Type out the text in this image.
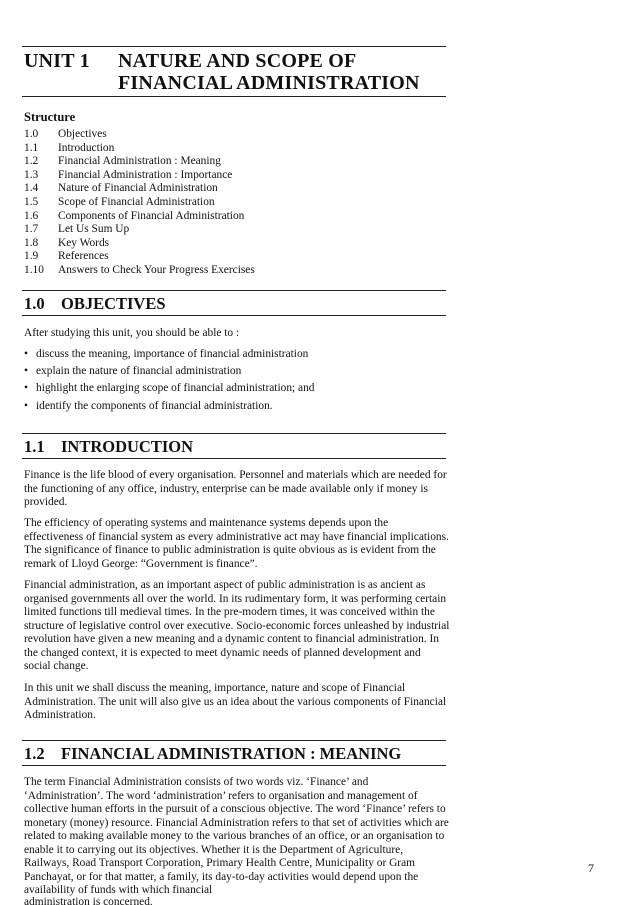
UNIT 1 NATURE AND SCOPE OF
FINANCIAL ADMINISTRATION
Structure
1.0	Objectives
1.1	Introduction
1.2	Financial Administration : Meaning
1.3	Financial Administration : Importance
1.4	Nature of Financial Administration
1.5	Scope of Financial Administration
1.6	Components of Financial Administration
1.7	Let Us Sum Up
1.8	Key Words
1.9	References
1.10	Answers to Check Your Progress Exercises
1.0 OBJECTIVES

After studying this unit, you should be able to :

• discuss the meaning, importance of financial administration
• explain the nature of financial administration
• highlight the enlarging scope of financial administration; and
• identify the components of financial administration.
1.1 INTRODUCTION

Finance is the life blood of every organisation. Personnel and materials which are needed for the functioning of any office, industry, enterprise can be made available only if money is provided.

The efficiency of operating systems and maintenance systems depends upon the effectiveness of financial system as every administrative act may have financial implications. The significance of finance to public administration is quite obvious as is evident from the remark of Lloyd George: “Government is finance”.

Financial administration, as an important aspect of public administration is as ancient as organised governments all over the world. In its rudimentary form, it was performing certain limited functions till medieval times. In the pre-modern times, it was conceived within the structure of legislative control over executive. Socio-economic forces unleashed by industrial revolution have given a new meaning and a dynamic content to financial administration. In the changed context, it is expected to meet dynamic needs of planned development and social change.

In this unit we shall discuss the meaning, importance, nature and scope of Financial Administration. The unit will also give us an idea about the various components of Financial Administration.

1.2 FINANCIAL ADMINISTRATION : MEANING

The term Financial Administration consists of two words viz. ‘Finance’ and ‘Administration’. The word ‘administration’ refers to organisation and management of collective human efforts in the pursuit of a conscious objective. The word ‘Finance’ refers to monetary (money) resource. Financial Administration refers to that set of activities which are related to making available money to the various branches of an office, or an organisation to enable it to carrying out its objectives. Whether it is the Department of Agriculture, Railways, Road Transport Corporation, Primary Health Centre, Municipality or Gram Panchayat, or for that matter, a family, its day-to-day activities would depend upon the availability of funds with which financial

administration is concerned.
7
